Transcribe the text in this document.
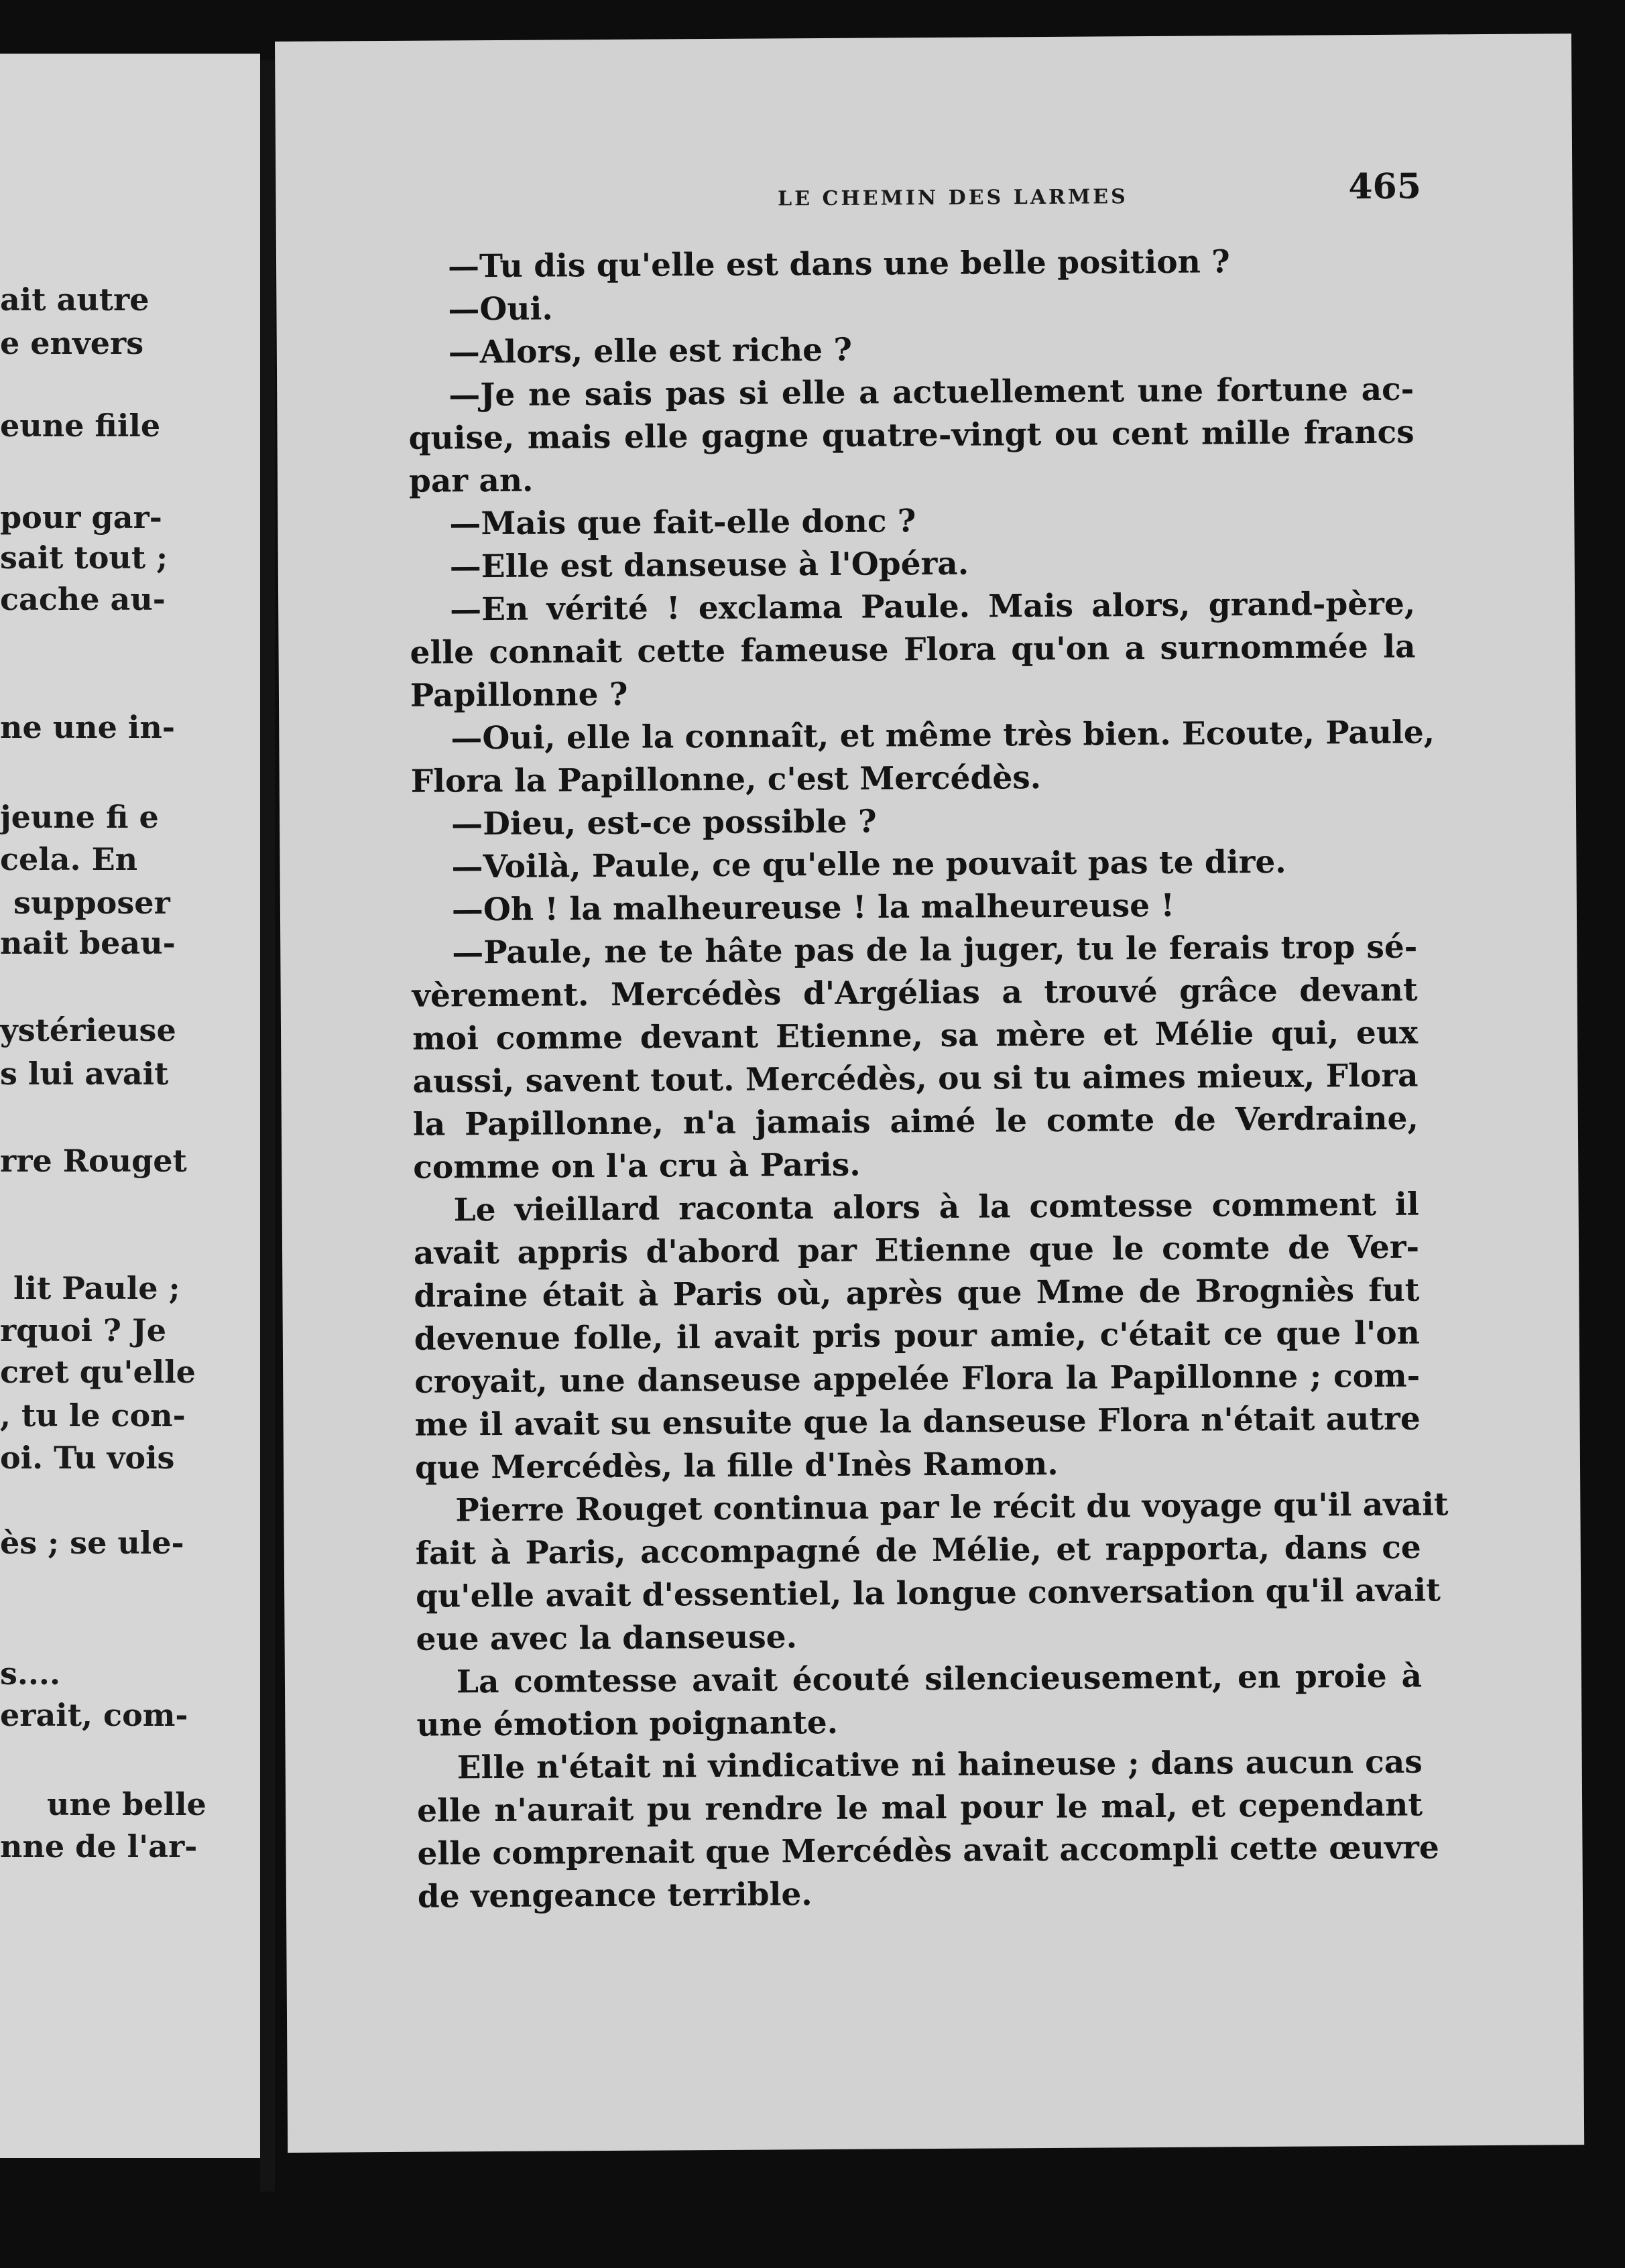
ait autre
e envers
eune fiile
pour gar-
sait tout ;
cache au-
ne une in-
jeune fi e
cela. En
supposer
nait beau-
ystérieuse
s lui avait
rre Rouget
lit Paule ;
rquoi ? Je
cret qu'elle
, tu le con-
oi. Tu vois
ès ; se ule-
s....
erait, com-
une belle
nne de l'ar-
LE CHEMIN DES LARMES	465
—Tu dis qu'elle est dans une belle position ?
—Oui.
—Alors, elle est riche ?
—Je ne sais pas si elle a actuellement une fortune ac-
quise, mais elle gagne quatre-vingt ou cent mille francs
par an.
—Mais que fait-elle donc ?
—Elle est danseuse à l'Opéra.
—En vérité ! exclama Paule. Mais alors, grand-père,
elle connait cette fameuse Flora qu'on a surnommée la
Papillonne ?
—Oui, elle la connaît, et même très bien. Ecoute, Paule,
Flora la Papillonne, c'est Mercédès.
—Dieu, est-ce possible ?
—Voilà, Paule, ce qu'elle ne pouvait pas te dire.
—Oh ! la malheureuse ! la malheureuse !
—Paule, ne te hâte pas de la juger, tu le ferais trop sé-
vèrement. Mercédès d'Argélias a trouvé grâce devant
moi comme devant Etienne, sa mère et Mélie qui, eux
aussi, savent tout. Mercédès, ou si tu aimes mieux, Flora
la Papillonne, n'a jamais aimé le comte de Verdraine,
comme on l'a cru à Paris.
Le vieillard raconta alors à la comtesse comment il
avait appris d'abord par Etienne que le comte de Ver-
draine était à Paris où, après que Mme de Brogniès fut
devenue folle, il avait pris pour amie, c'était ce que l'on
croyait, une danseuse appelée Flora la Papillonne ; com-
me il avait su ensuite que la danseuse Flora n'était autre
que Mercédès, la fille d'Inès Ramon.
Pierre Rouget continua par le récit du voyage qu'il avait
fait à Paris, accompagné de Mélie, et rapporta, dans ce
qu'elle avait d'essentiel, la longue conversation qu'il avait
eue avec la danseuse.
La comtesse avait écouté silencieusement, en proie à
une émotion poignante.
Elle n'était ni vindicative ni haineuse ; dans aucun cas
elle n'aurait pu rendre le mal pour le mal, et cependant
elle comprenait que Mercédès avait accompli cette œuvre
de vengeance terrible.
